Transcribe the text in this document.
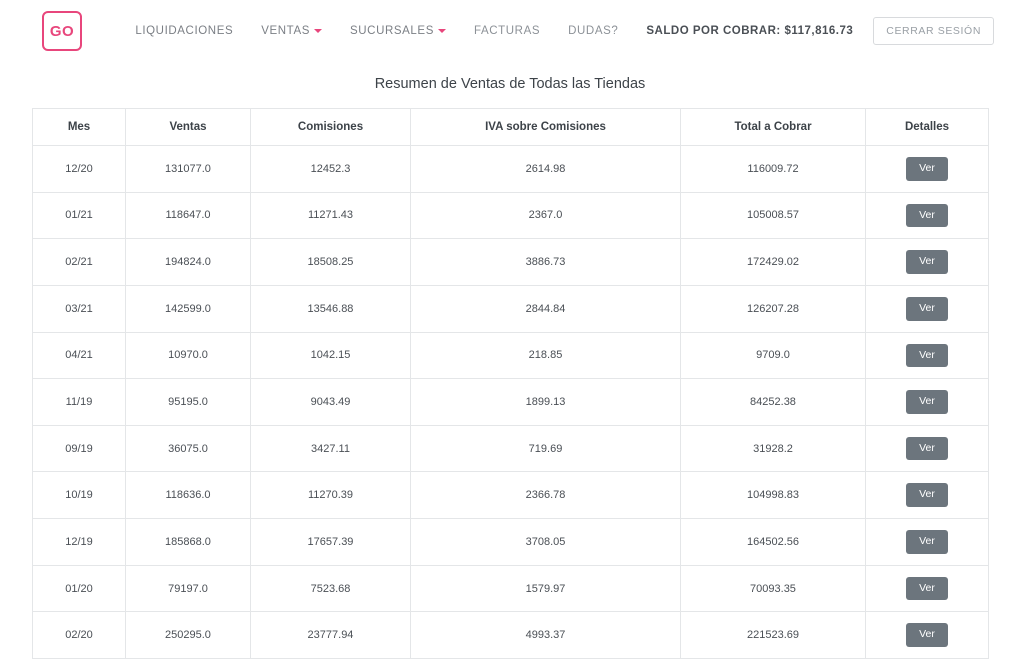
GO	LIQUIDACIONES	VENTAS	SUCURSALES	FACTURAS	DUDAS?	SALDO POR COBRAR: $117,816.73	CERRAR SESIÓN
Resumen de Ventas de Todas las Tiendas
Mes	Ventas	Comisiones	IVA sobre Comisiones	Total a Cobrar	Detalles
12/20	131077.0	12452.3	2614.98	116009.72	Ver
01/21	118647.0	11271.43	2367.0	105008.57	Ver
02/21	194824.0	18508.25	3886.73	172429.02	Ver
03/21	142599.0	13546.88	2844.84	126207.28	Ver
04/21	10970.0	1042.15	218.85	9709.0	Ver
11/19	95195.0	9043.49	1899.13	84252.38	Ver
09/19	36075.0	3427.11	719.69	31928.2	Ver
10/19	118636.0	11270.39	2366.78	104998.83	Ver
12/19	185868.0	17657.39	3708.05	164502.56	Ver
01/20	79197.0	7523.68	1579.97	70093.35	Ver
02/20	250295.0	23777.94	4993.37	221523.69	Ver
